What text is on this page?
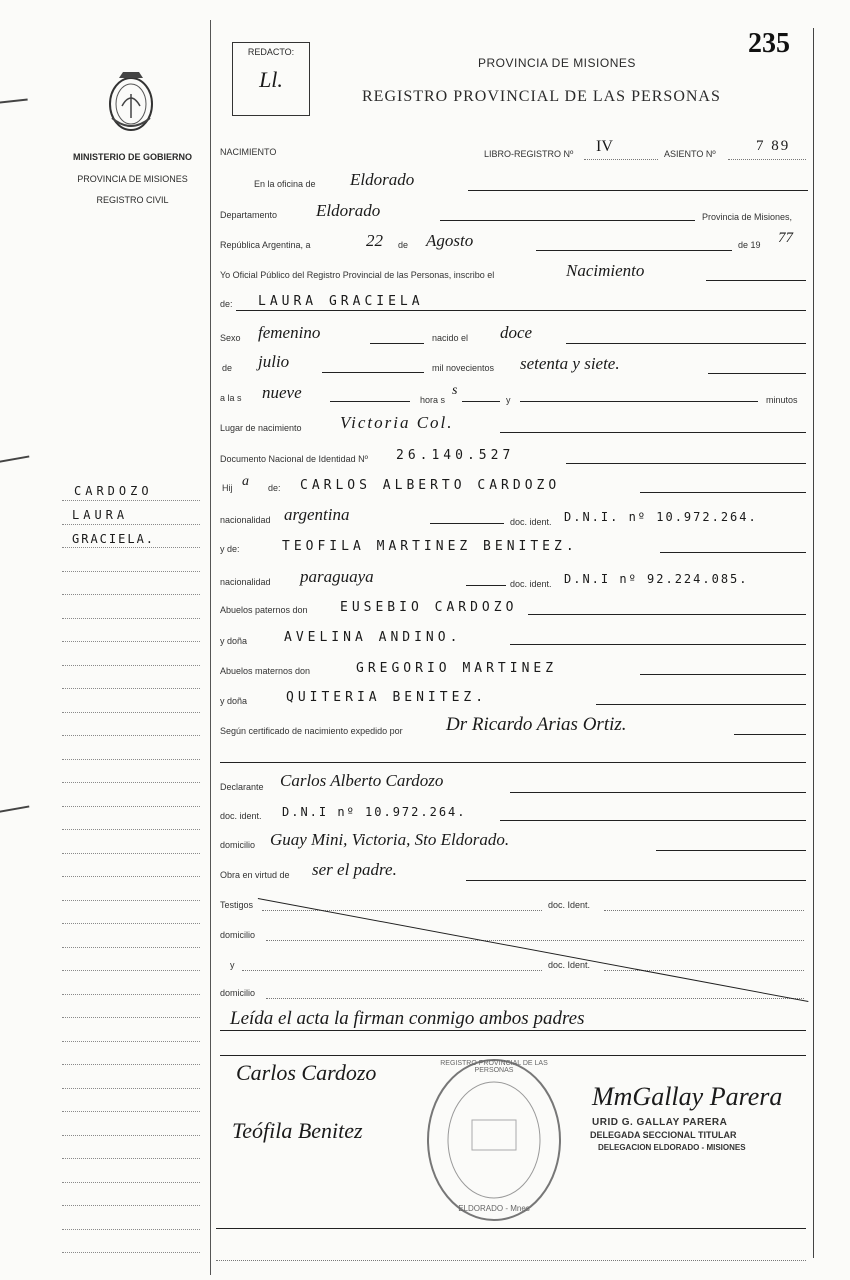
235
MINISTERIO DE GOBIERNO
PROVINCIA DE MISIONES
REGISTRO CIVIL
CARDOZO
LAURA
GRACIELA.
REDACTO:
Ll.
PROVINCIA DE MISIONES
REGISTRO PROVINCIAL DE LAS PERSONAS
NACIMIENTO	LIBRO-REGISTRO Nº IV	ASIENTO Nº	7 89
En la oficina de Eldorado
Departamento Eldorado	Provincia de Misiones,
República Argentina, a	22 de Agosto	de 19 77
Yo Oficial Público del Registro Provincial de las Personas, inscribo el	Nacimiento
de: LAURA GRACIELA
Sexo femenino	nacido el doce
de julio	mil novecientos setenta y siete.
a la s nueve	hora s
s
y	minutos
Lugar de nacimiento Victoria Col.
Documento Nacional de Identidad Nº 26.140.527
Hij a de: CARLOS ALBERTO CARDOZO
nacionalidad argentina	doc. ident. D.N.I. nº 10.972.264.
y de:	TEOFILA MARTINEZ BENITEZ.
nacionalidad paraguaya	doc. ident. D.N.I nº 92.224.085.
Abuelos paternos don EUSEBIO CARDOZO
y doña	AVELINA ANDINO.
Abuelos maternos don	GREGORIO MARTINEZ
y doña	QUITERIA BENITEZ.
Según certificado de nacimiento expedido por Dr Ricardo Arias Ortiz.
Declarante Carlos Alberto Cardozo
doc. ident. D.N.I nº 10.972.264.
domicilio Guay Mini, Victoria, Sto Eldorado.
Obra en virtud de ser el padre.
Testigos	doc. Ident.
domicilio
y	doc. Ident.
domicilio
Leída el acta la firman conmigo ambos padres
Carlos Cardozo
Teófila Benitez
MmGallay Parera
URID G. GALLAY PARERA
DELEGADA SECCIONAL TITULAR
DELEGACION ELDORADO - MISIONES
REGISTRO PROVINCIAL DE LAS PERSONAS
ELDORADO - Mnes
